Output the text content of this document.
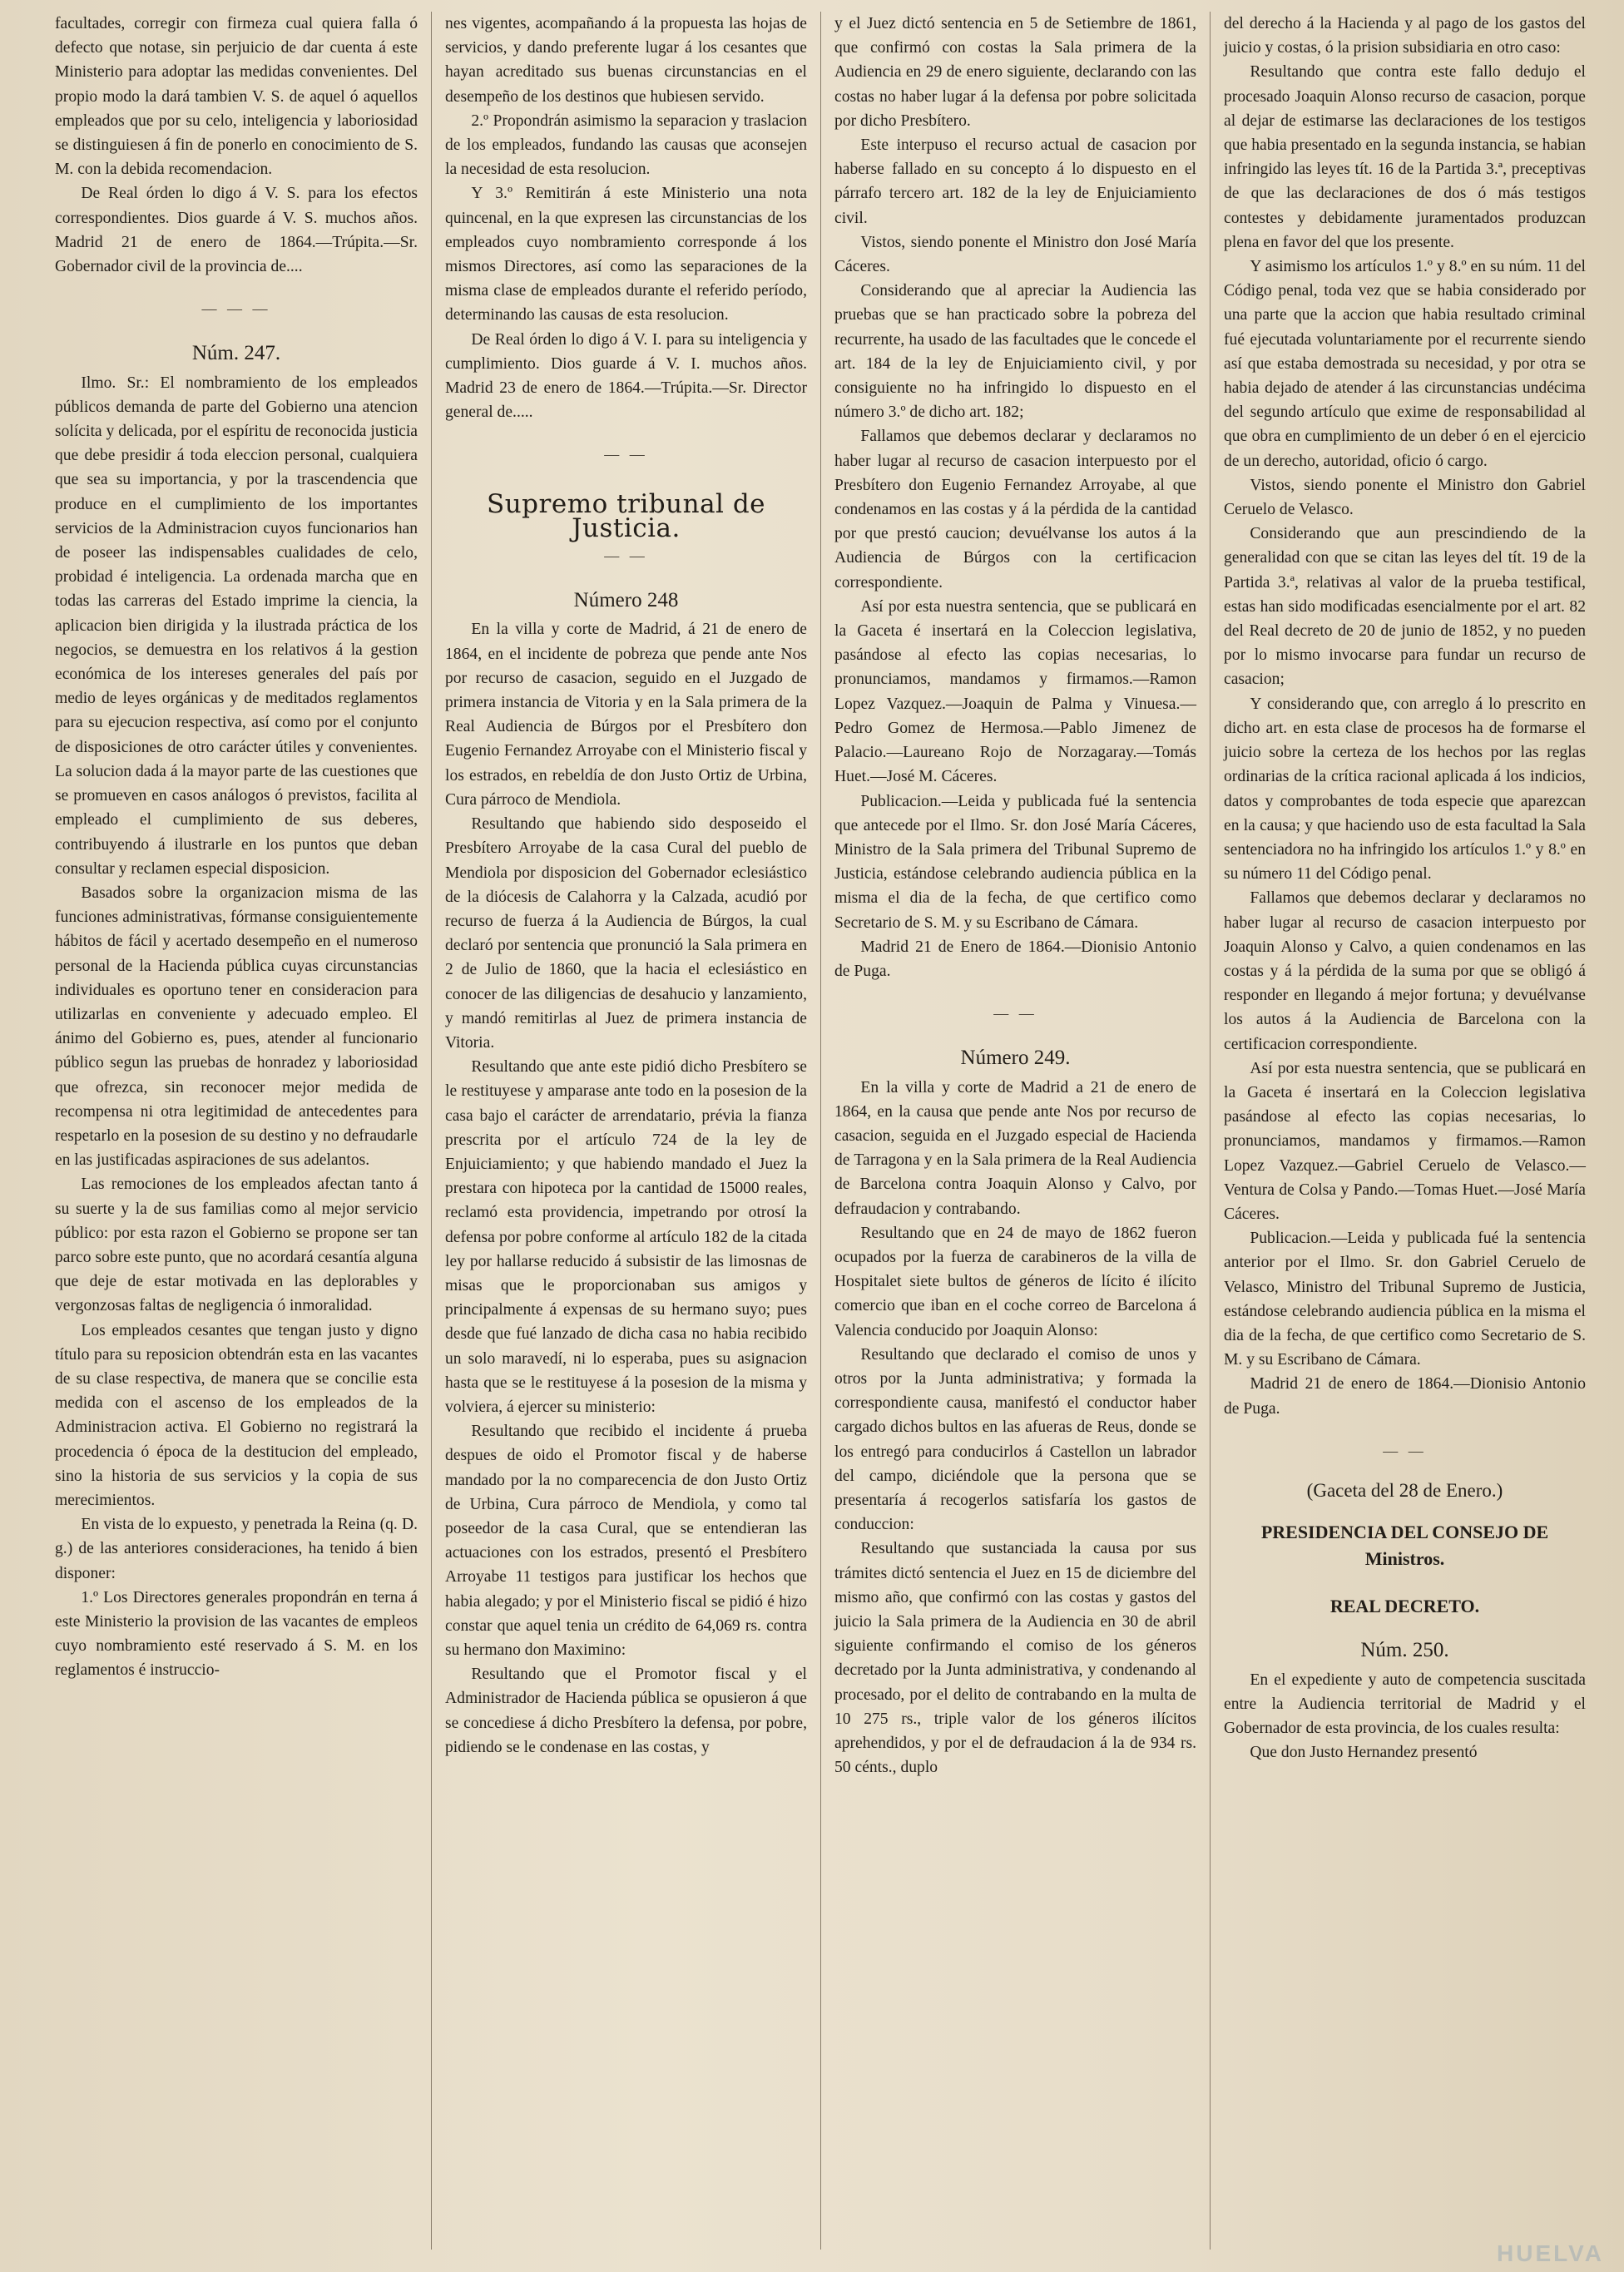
facultades, corregir con firmeza cual quiera falla ó defecto que notase, sin perjuicio de dar cuenta á este Ministerio para adoptar las medidas convenientes. Del propio modo la dará tambien V. S. de aquel ó aquellos empleados que por su celo, inteligencia y laboriosidad se distinguiesen á fin de ponerlo en conocimiento de S. M. con la debida recomendacion.

De Real órden lo digo á V. S. para los efectos correspondientes. Dios guarde á V. S. muchos años. Madrid 21 de enero de 1864.—Trúpita.—Sr. Gobernador civil de la provincia de....

— — —
Núm. 247.

Ilmo. Sr.: El nombramiento de los empleados públicos demanda de parte del Gobierno una atencion solícita y delicada, por el espíritu de reconocida justicia que debe presidir á toda eleccion personal, cualquiera que sea su importancia, y por la trascendencia que produce en el cumplimiento de los importantes servicios de la Administracion cuyos funcionarios han de poseer las indispensables cualidades de celo, probidad é inteligencia. La ordenada marcha que en todas las carreras del Estado imprime la ciencia, la aplicacion bien dirigida y la ilustrada práctica de los negocios, se demuestra en los relativos á la gestion económica de los intereses generales del país por medio de leyes orgánicas y de meditados reglamentos para su ejecucion respectiva, así como por el conjunto de disposiciones de otro carácter útiles y convenientes. La solucion dada á la mayor parte de las cuestiones que se promueven en casos análogos ó previstos, facilita al empleado el cumplimiento de sus deberes, contribuyendo á ilustrarle en los puntos que deban consultar y reclamen especial disposicion.

Basados sobre la organizacion misma de las funciones administrativas, fórmanse consiguientemente hábitos de fácil y acertado desempeño en el numeroso personal de la Hacienda pública cuyas circunstancias individuales es oportuno tener en consideracion para utilizarlas en conveniente y adecuado empleo. El ánimo del Gobierno es, pues, atender al funcionario público segun las pruebas de honradez y laboriosidad que ofrezca, sin reconocer mejor medida de recompensa ni otra legitimidad de antecedentes para respetarlo en la posesion de su destino y no defraudarle en las justificadas aspiraciones de sus adelantos.

Las remociones de los empleados afectan tanto á su suerte y la de sus familias como al mejor servicio público: por esta razon el Gobierno se propone ser tan parco sobre este punto, que no acordará cesantía alguna que deje de estar motivada en las deplorables y vergonzosas faltas de negligencia ó inmoralidad.

Los empleados cesantes que tengan justo y digno título para su reposicion obtendrán esta en las vacantes de su clase respectiva, de manera que se concilie esta medida con el ascenso de los empleados de la Administracion activa. El Gobierno no registrará la procedencia ó época de la destitucion del empleado, sino la historia de sus servicios y la copia de sus merecimientos.

En vista de lo expuesto, y penetrada la Reina (q. D. g.) de las anteriores consideraciones, ha tenido á bien disponer:

1.º Los Directores generales propondrán en terna á este Ministerio la provision de las vacantes de empleos cuyo nombramiento esté reservado á S. M. en los reglamentos é instruccio-

nes vigentes, acompañando á la propuesta las hojas de servicios, y dando preferente lugar á los cesantes que hayan acreditado sus buenas circunstancias en el desempeño de los destinos que hubiesen servido.

2.º Propondrán asimismo la separacion y traslacion de los empleados, fundando las causas que aconsejen la necesidad de esta resolucion.

Y 3.º Remitirán á este Ministerio una nota quincenal, en la que expresen las circunstancias de los empleados cuyo nombramiento corresponde á los mismos Directores, así como las separaciones de la misma clase de empleados durante el referido período, determinando las causas de esta resolucion.

De Real órden lo digo á V. I. para su inteligencia y cumplimiento. Dios guarde á V. I. muchos años. Madrid 23 de enero de 1864.—Trúpita.—Sr. Director general de.....

— —
Supremo tribunal de Justicia.
— —
Número 248

En la villa y corte de Madrid, á 21 de enero de 1864, en el incidente de pobreza que pende ante Nos por recurso de casacion, seguido en el Juzgado de primera instancia de Vitoria y en la Sala primera de la Real Audiencia de Búrgos por el Presbítero don Eugenio Fernandez Arroyabe con el Ministerio fiscal y los estrados, en rebeldía de don Justo Ortiz de Urbina, Cura párroco de Mendiola.

Resultando que habiendo sido desposeido el Presbítero Arroyabe de la casa Cural del pueblo de Mendiola por disposicion del Gobernador eclesiástico de la diócesis de Calahorra y la Calzada, acudió por recurso de fuerza á la Audiencia de Búrgos, la cual declaró por sentencia que pronunció la Sala primera en 2 de Julio de 1860, que la hacia el eclesiástico en conocer de las diligencias de desahucio y lanzamiento, y mandó remitirlas al Juez de primera instancia de Vitoria.

Resultando que ante este pidió dicho Presbítero se le restituyese y amparase ante todo en la posesion de la casa bajo el carácter de arrendatario, prévia la fianza prescrita por el artículo 724 de la ley de Enjuiciamiento; y que habiendo mandado el Juez la prestara con hipoteca por la cantidad de 15000 reales, reclamó esta providencia, impetrando por otrosí la defensa por pobre conforme al artículo 182 de la citada ley por hallarse reducido á subsistir de las limosnas de misas que le proporcionaban sus amigos y principalmente á expensas de su hermano suyo; pues desde que fué lanzado de dicha casa no habia recibido un solo maravedí, ni lo esperaba, pues su asignacion hasta que se le restituyese á la posesion de la misma y volviera, á ejercer su ministerio:

Resultando que recibido el incidente á prueba despues de oido el Promotor fiscal y de haberse mandado por la no comparecencia de don Justo Ortiz de Urbina, Cura párroco de Mendiola, y como tal poseedor de la casa Cural, que se entendieran las actuaciones con los estrados, presentó el Presbítero Arroyabe 11 testigos para justificar los hechos que habia alegado; y por el Ministerio fiscal se pidió é hizo constar que aquel tenia un crédito de 64,069 rs. contra su hermano don Maximino:

Resultando que el Promotor fiscal y el Administrador de Hacienda pública se opusieron á que se concediese á dicho Presbítero la defensa, por pobre, pidiendo se le condenase en las costas, y

y el Juez dictó sentencia en 5 de Setiembre de 1861, que confirmó con costas la Sala primera de la Audiencia en 29 de enero siguiente, declarando con las costas no haber lugar á la defensa por pobre solicitada por dicho Presbítero.

Este interpuso el recurso actual de casacion por haberse fallado en su concepto á lo dispuesto en el párrafo tercero art. 182 de la ley de Enjuiciamiento civil.

Vistos, siendo ponente el Ministro don José María Cáceres.

Considerando que al apreciar la Audiencia las pruebas que se han practicado sobre la pobreza del recurrente, ha usado de las facultades que le concede el art. 184 de la ley de Enjuiciamiento civil, y por consiguiente no ha infringido lo dispuesto en el número 3.º de dicho art. 182;

Fallamos que debemos declarar y declaramos no haber lugar al recurso de casacion interpuesto por el Presbítero don Eugenio Fernandez Arroyabe, al que condenamos en las costas y á la pérdida de la cantidad por que prestó caucion; devuélvanse los autos á la Audiencia de Búrgos con la certificacion correspondiente.

Así por esta nuestra sentencia, que se publicará en la Gaceta é insertará en la Coleccion legislativa, pasándose al efecto las copias necesarias, lo pronunciamos, mandamos y firmamos.—Ramon Lopez Vazquez.—Joaquin de Palma y Vinuesa.—Pedro Gomez de Hermosa.—Pablo Jimenez de Palacio.—Laureano Rojo de Norzagaray.—Tomás Huet.—José M. Cáceres.

Publicacion.—Leida y publicada fué la sentencia que antecede por el Ilmo. Sr. don José María Cáceres, Ministro de la Sala primera del Tribunal Supremo de Justicia, estándose celebrando audiencia pública en la misma el dia de la fecha, de que certifico como Secretario de S. M. y su Escribano de Cámara.

Madrid 21 de Enero de 1864.—Dionisio Antonio de Puga.

— —
Número 249.

En la villa y corte de Madrid a 21 de enero de 1864, en la causa que pende ante Nos por recurso de casacion, seguida en el Juzgado especial de Hacienda de Tarragona y en la Sala primera de la Real Audiencia de Barcelona contra Joaquin Alonso y Calvo, por defraudacion y contrabando.

Resultando que en 24 de mayo de 1862 fueron ocupados por la fuerza de carabineros de la villa de Hospitalet siete bultos de géneros de lícito é ilícito comercio que iban en el coche correo de Barcelona á Valencia conducido por Joaquin Alonso:

Resultando que declarado el comiso de unos y otros por la Junta administrativa; y formada la correspondiente causa, manifestó el conductor haber cargado dichos bultos en las afueras de Reus, donde se los entregó para conducirlos á Castellon un labrador del campo, diciéndole que la persona que se presentaría á recogerlos satisfaría los gastos de conduccion:

Resultando que sustanciada la causa por sus trámites dictó sentencia el Juez en 15 de diciembre del mismo año, que confirmó con las costas y gastos del juicio la Sala primera de la Audiencia en 30 de abril siguiente confirmando el comiso de los géneros decretado por la Junta administrativa, y condenando al procesado, por el delito de contrabando en la multa de 10 275 rs., triple valor de los géneros ilícitos aprehendidos, y por el de defraudacion á la de 934 rs. 50 cénts., duplo

del derecho á la Hacienda y al pago de los gastos del juicio y costas, ó la prision subsidiaria en otro caso:

Resultando que contra este fallo dedujo el procesado Joaquin Alonso recurso de casacion, porque al dejar de estimarse las declaraciones de los testigos que habia presentado en la segunda instancia, se habian infringido las leyes tít. 16 de la Partida 3.ª, preceptivas de que las declaraciones de dos ó más testigos contestes y debidamente juramentados produzcan plena en favor del que los presente.

Y asimismo los artículos 1.º y 8.º en su núm. 11 del Código penal, toda vez que se habia considerado por una parte que la accion que habia resultado criminal fué ejecutada voluntariamente por el recurrente siendo así que estaba demostrada su necesidad, y por otra se habia dejado de atender á las circunstancias undécima del segundo artículo que exime de responsabilidad al que obra en cumplimiento de un deber ó en el ejercicio de un derecho, autoridad, oficio ó cargo.

Vistos, siendo ponente el Ministro don Gabriel Ceruelo de Velasco.

Considerando que aun prescindiendo de la generalidad con que se citan las leyes del tít. 19 de la Partida 3.ª, relativas al valor de la prueba testifical, estas han sido modificadas esencialmente por el art. 82 del Real decreto de 20 de junio de 1852, y no pueden por lo mismo invocarse para fundar un recurso de casacion;

Y considerando que, con arreglo á lo prescrito en dicho art. en esta clase de procesos ha de formarse el juicio sobre la certeza de los hechos por las reglas ordinarias de la crítica racional aplicada á los indicios, datos y comprobantes de toda especie que aparezcan en la causa; y que haciendo uso de esta facultad la Sala sentenciadora no ha infringido los artículos 1.º y 8.º en su número 11 del Código penal.

Fallamos que debemos declarar y declaramos no haber lugar al recurso de casacion interpuesto por Joaquin Alonso y Calvo, a quien condenamos en las costas y á la pérdida de la suma por que se obligó á responder en llegando á mejor fortuna; y devuélvanse los autos á la Audiencia de Barcelona con la certificacion correspondiente.

Así por esta nuestra sentencia, que se publicará en la Gaceta é insertará en la Coleccion legislativa pasándose al efecto las copias necesarias, lo pronunciamos, mandamos y firmamos.—Ramon Lopez Vazquez.—Gabriel Ceruelo de Velasco.—Ventura de Colsa y Pando.—Tomas Huet.—José María Cáceres.

Publicacion.—Leida y publicada fué la sentencia anterior por el Ilmo. Sr. don Gabriel Ceruelo de Velasco, Ministro del Tribunal Supremo de Justicia, estándose celebrando audiencia pública en la misma el dia de la fecha, de que certifico como Secretario de S. M. y su Escribano de Cámara.

Madrid 21 de enero de 1864.—Dionisio Antonio de Puga.

— —
(Gaceta del 28 de Enero.)
PRESIDENCIA DEL CONSEJO DE Ministros.
REAL DECRETO.
Núm. 250.

En el expediente y auto de competencia suscitada entre la Audiencia territorial de Madrid y el Gobernador de esta provincia, de los cuales resulta:

Que don Justo Hernandez presentó

HUELVA
